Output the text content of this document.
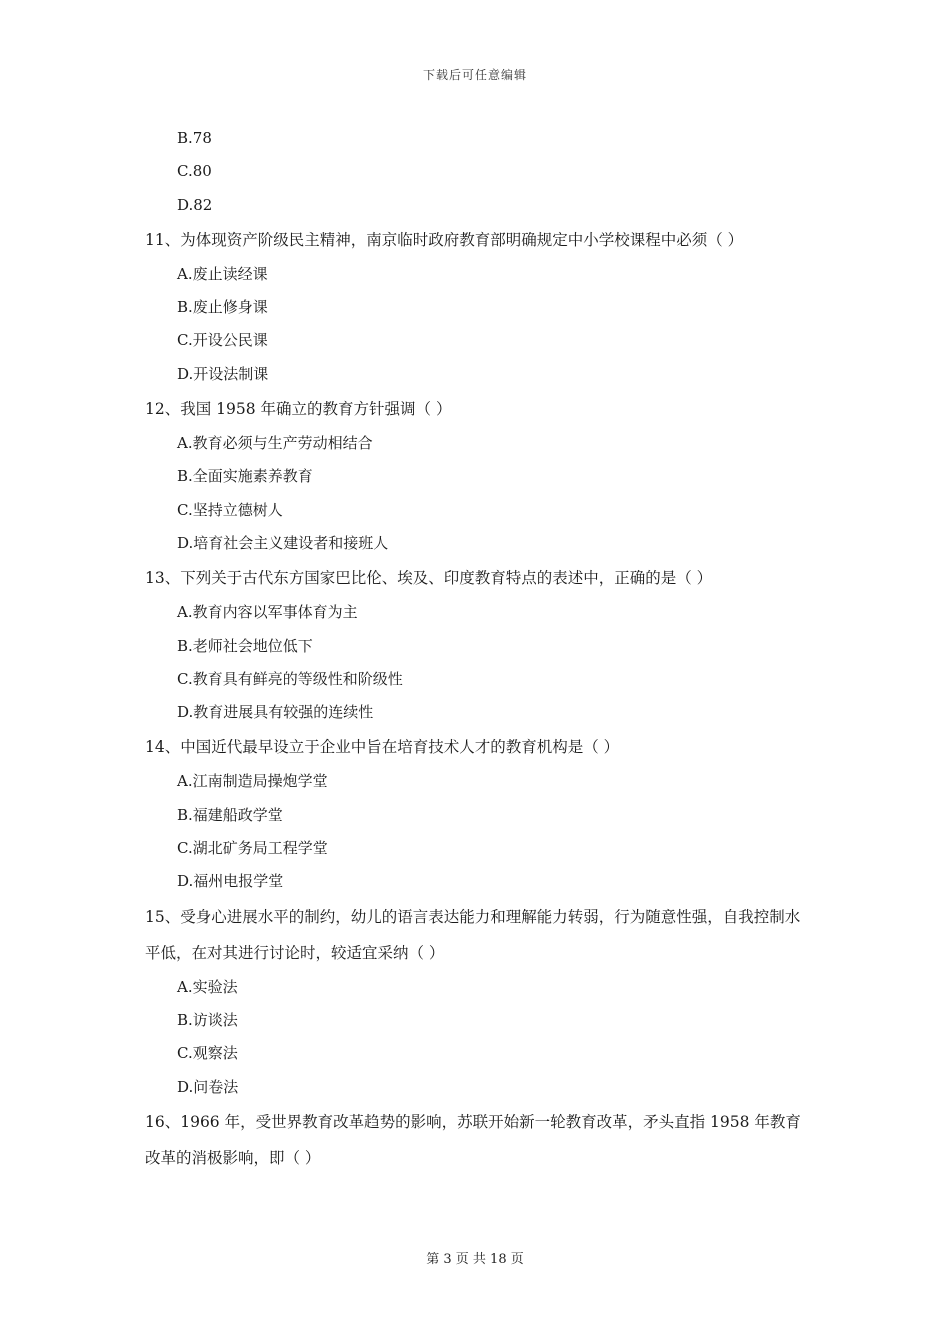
下载后可任意编辑
B.78
C.80
D.82
11、为体现资产阶级民主精神，南京临时政府教育部明确规定中小学校课程中必须（ ）
A.废止读经课
B.废止修身课
C.开设公民课
D.开设法制课
12、我国 1958 年确立的教育方针强调（ ）
A.教育必须与生产劳动相结合
B.全面实施素养教育
C.坚持立德树人
D.培育社会主义建设者和接班人
13、下列关于古代东方国家巴比伦、埃及、印度教育特点的表述中，正确的是（ ）
A.教育内容以军事体育为主
B.老师社会地位低下
C.教育具有鲜亮的等级性和阶级性
D.教育进展具有较强的连续性
14、中国近代最早设立于企业中旨在培育技术人才的教育机构是（ ）
A.江南制造局操炮学堂
B.福建船政学堂
C.湖北矿务局工程学堂
D.福州电报学堂
15、受身心进展水平的制约，幼儿的语言表达能力和理解能力转弱，行为随意性强，自我控制水平低，在对其进行讨论时，较适宜采纳（ ）
A.实验法
B.访谈法
C.观察法
D.问卷法
16、1966 年，受世界教育改革趋势的影响，苏联开始新一轮教育改革，矛头直指 1958 年教育改革的消极影响，即（ ）
第 3 页 共 18 页
